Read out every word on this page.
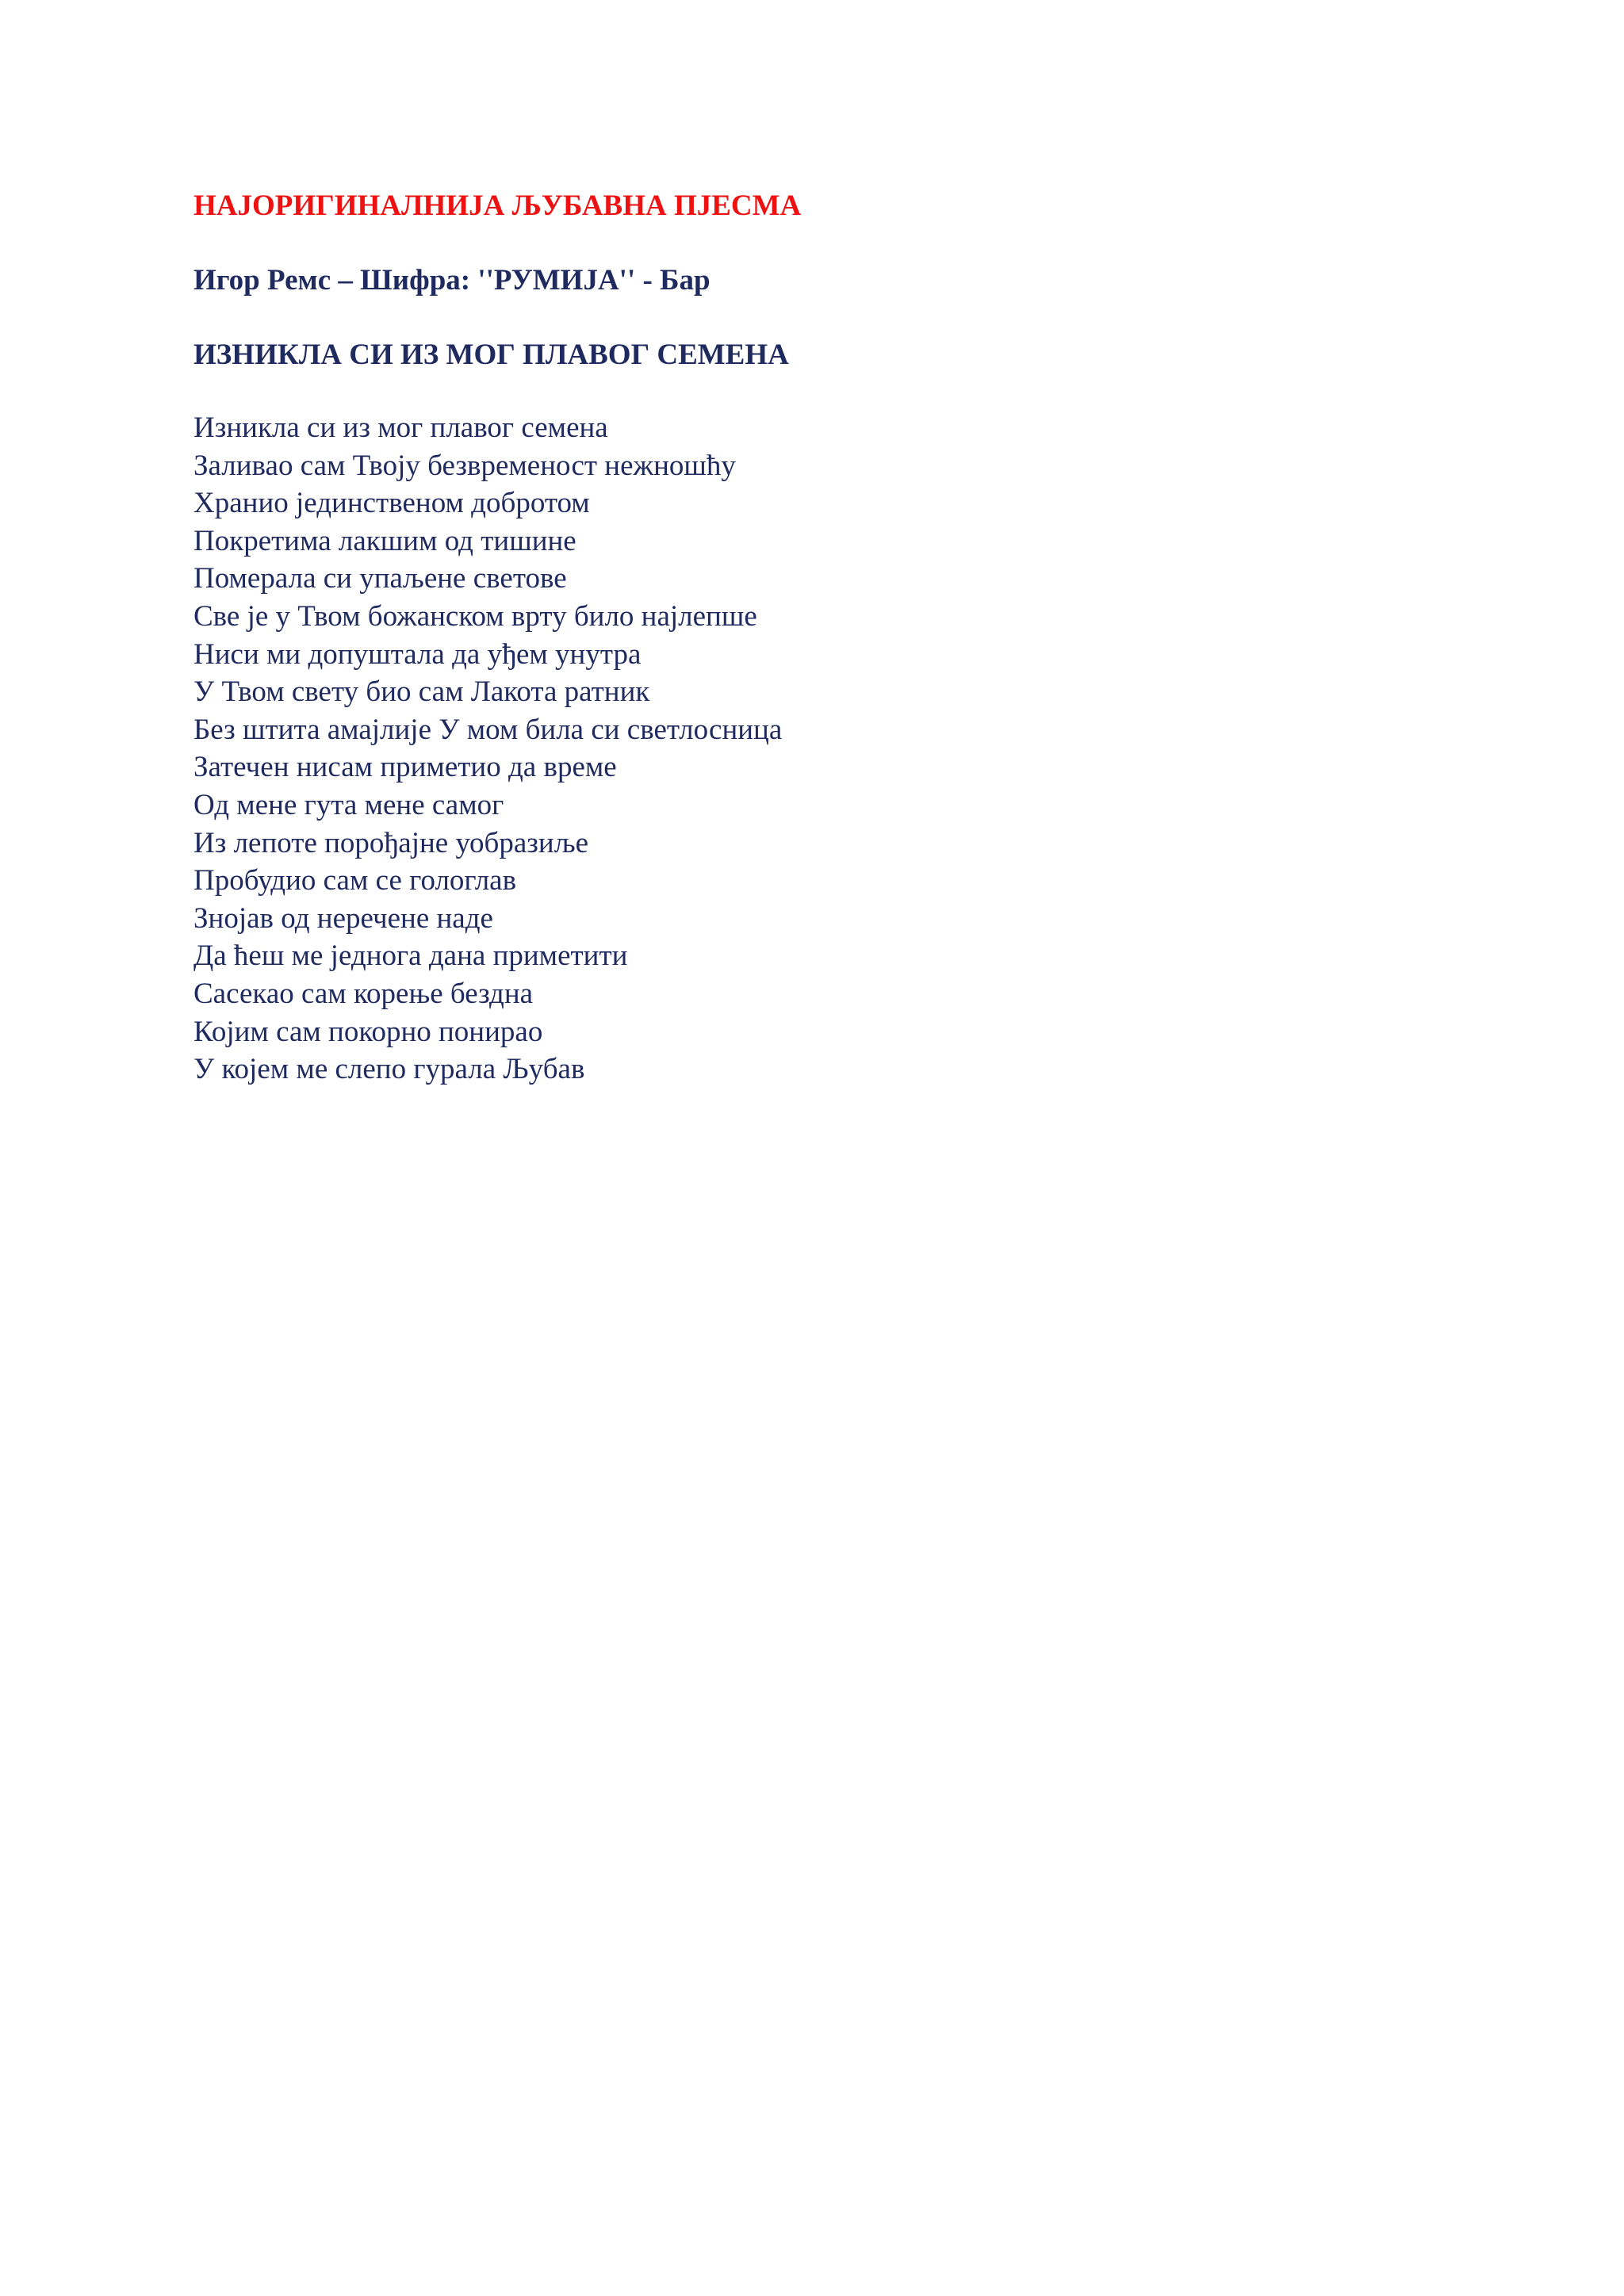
НАЈОРИГИНАЛНИЈА ЉУБАВНА ПЈЕСМА
Игор Ремс – Шифра: ''РУМИЈА'' - Бар
ИЗНИКЛА СИ ИЗ МОГ ПЛАВОГ СЕМЕНА
Изникла си из мог плавог семена
Заливао сам Твоју безвременост нежношћу
Хранио јединственом добротом
Покретима лакшим од тишине
Померала си упаљене светове
Све је у Твом божанском врту било најлепше
Ниси ми допуштала да уђем унутра
У Твом свету био сам Лакота ратник
Без штита амајлије У мом била си светлосница
Затечен нисам приметио да време
Од мене гута мене самог
Из лепоте порођајне уобразиље
Пробудио сам се гологлав
Знојав од неречене наде
Да ћеш ме једнога дана приметити
Сасекао сам корење бездна
Којим сам покорно понирао
У којем ме слепо гурала Љубав
